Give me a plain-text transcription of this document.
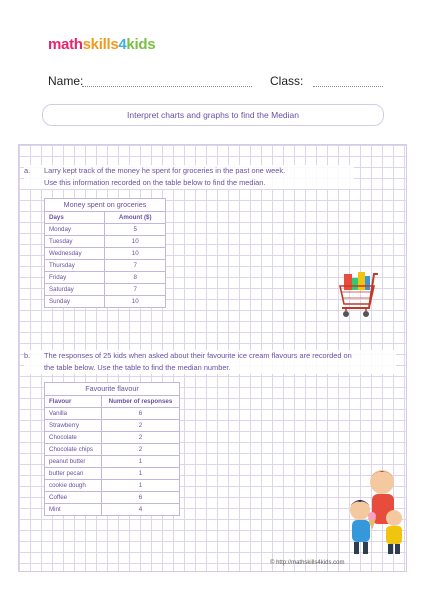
mathskills4kids
Name:	Class:
Interpret charts and graphs to find the Median
a. Larry kept track of the money he spent for groceries in the past one week.
Use this information recorded on the table below to find the median.
Money spent on groceries
Days	Amount ($)
Monday	5
Tuesday	10
Wednesday	10
Thursday	7
Friday	8
Saturday	7
Sunday	10
b. The responses of 25 kids when asked about their favourite ice cream flavours are recorded on
the table below. Use the table to find the median number.
Favourite flavour
Flavour	Number of responses
Vanilla	6
Strawberry	2
Chocolate	2
Chocolate chips	2
peanut butter	1
butter pecan	1
cookie dough	1
Coffee	6
Mint	4
© http://mathskills4kids.com
